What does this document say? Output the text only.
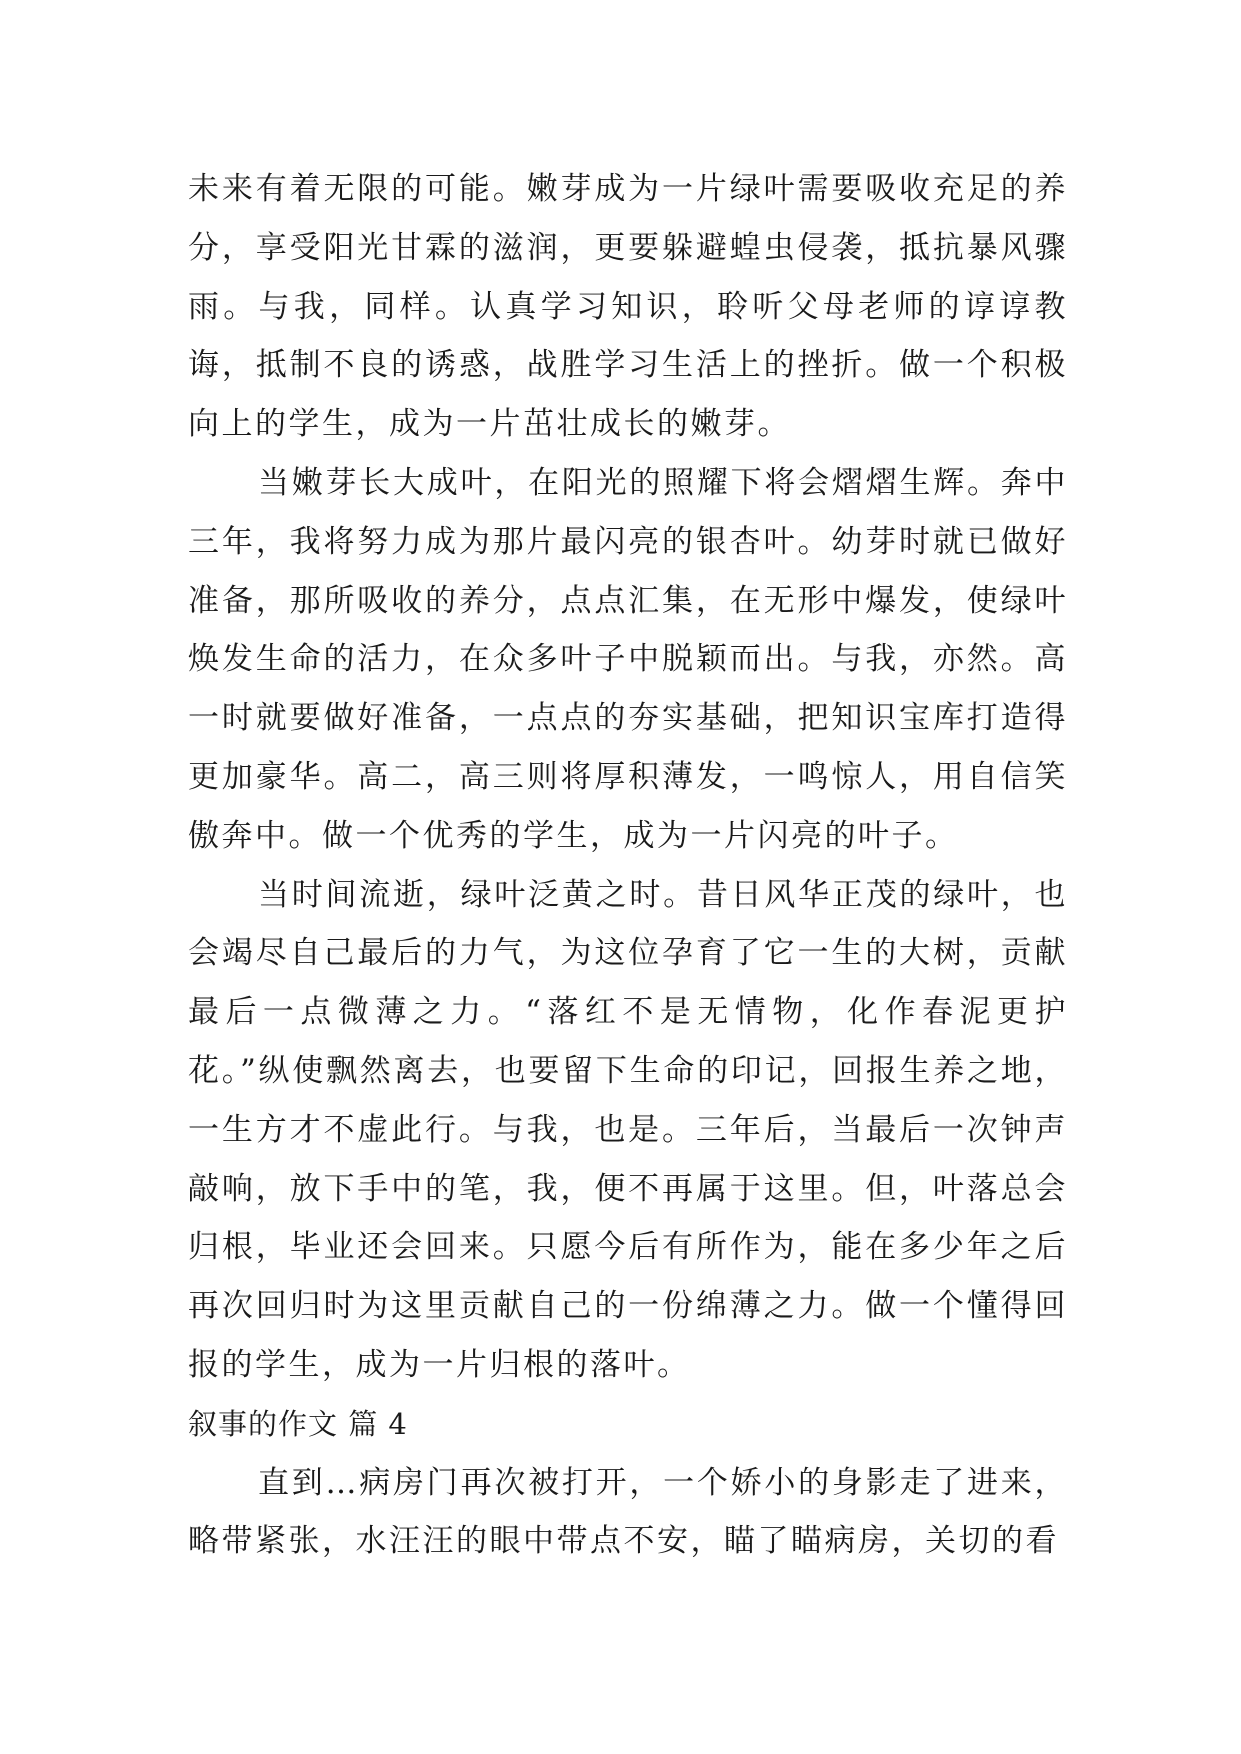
未来有着无限的可能。嫩芽成为一片绿叶需要吸收充足的养分，享受阳光甘霖的滋润，更要躲避蝗虫侵袭，抵抗暴风骤雨。与我，同样。认真学习知识，聆听父母老师的谆谆教诲，抵制不良的诱惑，战胜学习生活上的挫折。做一个积极向上的学生，成为一片茁壮成长的嫩芽。

当嫩芽长大成叶，在阳光的照耀下将会熠熠生辉。奔中三年，我将努力成为那片最闪亮的银杏叶。幼芽时就已做好准备，那所吸收的养分，点点汇集，在无形中爆发，使绿叶焕发生命的活力，在众多叶子中脱颖而出。与我，亦然。高一时就要做好准备，一点点的夯实基础，把知识宝库打造得更加豪华。高二，高三则将厚积薄发，一鸣惊人，用自信笑傲奔中。做一个优秀的学生，成为一片闪亮的叶子。

当时间流逝，绿叶泛黄之时。昔日风华正茂的绿叶，也会竭尽自己最后的力气，为这位孕育了它一生的大树，贡献最后一点微薄之力。“落红不是无情物，化作春泥更护花。”纵使飘然离去，也要留下生命的印记，回报生养之地，一生方才不虚此行。与我，也是。三年后，当最后一次钟声敲响，放下手中的笔，我，便不再属于这里。但，叶落总会归根，毕业还会回来。只愿今后有所作为，能在多少年之后再次回归时为这里贡献自己的一份绵薄之力。做一个懂得回报的学生，成为一片归根的落叶。

叙事的作文 篇 4

直到…病房门再次被打开，一个娇小的身影走了进来，略带紧张，水汪汪的眼中带点不安，瞄了瞄病房，关切的看
